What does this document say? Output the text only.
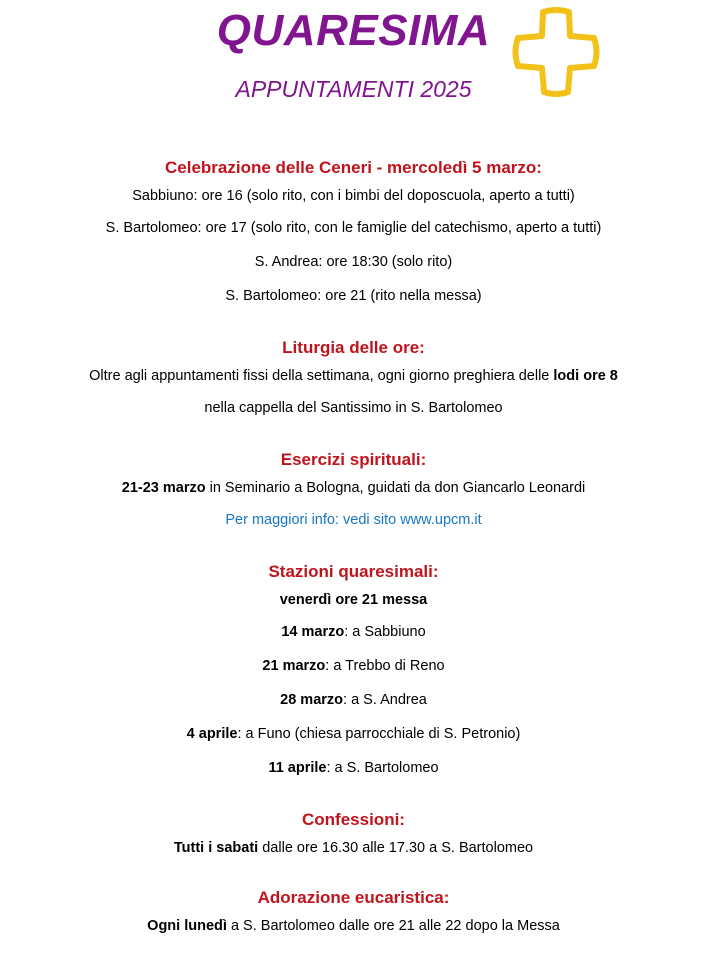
QUARESIMA
APPUNTAMENTI 2025
Celebrazione delle Ceneri - mercoledì 5 marzo:
Sabbiuno: ore 16 (solo rito, con i bimbi del doposcuola, aperto a tutti)
S. Bartolomeo: ore 17 (solo rito, con le famiglie del catechismo, aperto a tutti)
S. Andrea: ore 18:30 (solo rito)
S. Bartolomeo: ore 21 (rito nella messa)
Liturgia delle ore:
Oltre agli appuntamenti fissi della settimana, ogni giorno preghiera delle lodi ore 8
nella cappella del Santissimo in S. Bartolomeo
Esercizi spirituali:
21-23 marzo in Seminario a Bologna, guidati da don Giancarlo Leonardi
Per maggiori info: vedi sito www.upcm.it
Stazioni quaresimali:
venerdì ore 21 messa
14 marzo: a Sabbiuno
21 marzo: a Trebbo di Reno
28 marzo: a S. Andrea
4 aprile: a Funo (chiesa parrocchiale di S. Petronio)
11 aprile: a S. Bartolomeo
Confessioni:
Tutti i sabati dalle ore 16.30 alle 17.30 a S. Bartolomeo
Adorazione eucaristica:
Ogni lunedì a S. Bartolomeo dalle ore 21 alle 22 dopo la Messa
